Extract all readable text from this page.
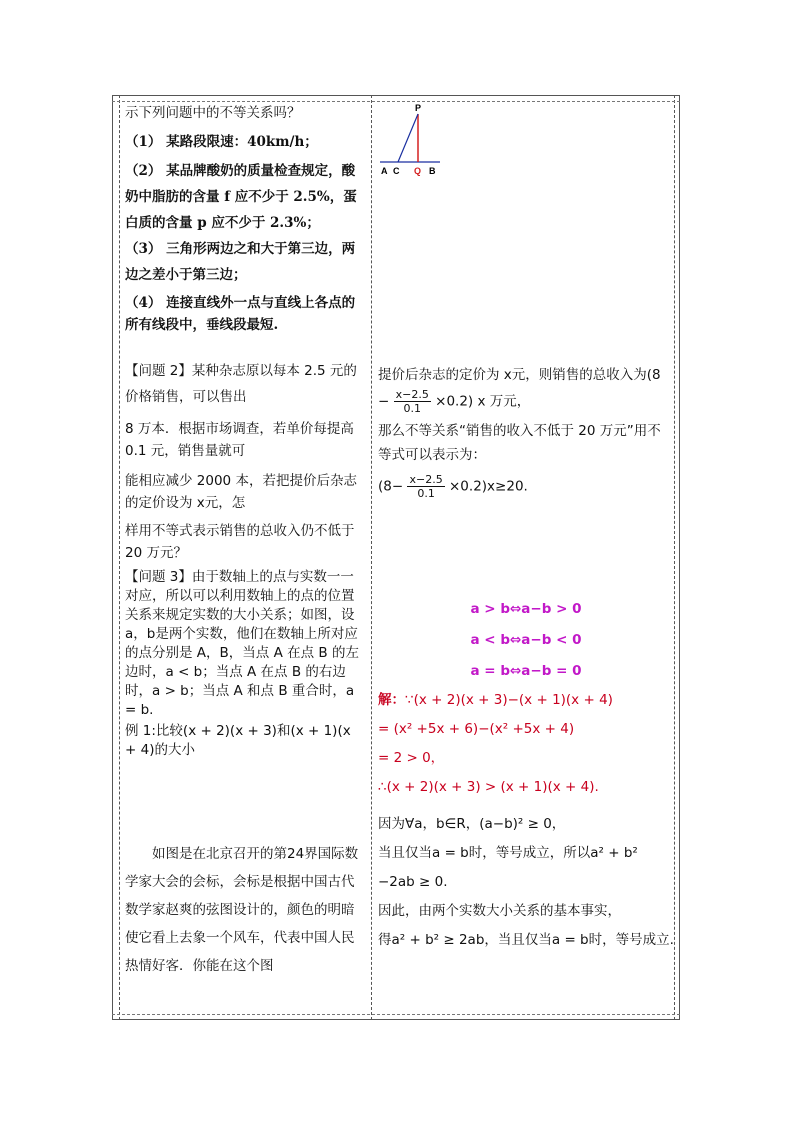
示下列问题中的不等关系吗？

（1） 某路段限速：40km/h；

（2） 某品牌酸奶的质量检查规定，酸奶中脂肪的含量 f 应不少于 2.5%，蛋白质的含量 p 应不少于 2.3%；

（3） 三角形两边之和大于第三边，两边之差小于第三边；

（4） 连接直线外一点与直线上各点的所有线段中，垂线段最短.

【问题 2】某种杂志原以每本 2.5 元的价格销售，可以售出

8 万本．根据市场调查，若单价每提高 0.1 元，销售量就可

能相应减少 2000 本，若把提价后杂志的定价设为 x元，怎

样用不等式表示销售的总收入仍不低于 20 万元？

【问题 3】由于数轴上的点与实数一一对应，所以可以利用数轴上的点的位置关系来规定实数的大小关系；如图，设 a，b是两个实数，他们在数轴上所对应的点分别是 A，B，当点 A 在点 B 的左边时，a < b；当点 A 在点 B 的右边时，a > b；当点 A 和点 B 重合时，a = b.

例 1:比较(x + 2)(x + 3)和(x + 1)(x + 4)的大小

如图是在北京召开的第24界国际数学家大会的会标，会标是根据中国古代数学家赵爽的弦图设计的，颜色的明暗使它看上去象一个风车，代表中国人民热情好客．你能在这个图

P
A C Q B
提价后杂志的定价为 x元，则销售的总收入为(8
− $\frac{x-2.5}{0.1} \times 0.2$) x 万元，
那么不等关系“销售的收入不低于 20 万元”用不等式可以表示为：
$(8- \frac{x-2.5}{0.1} \times 0.2)x\ge 20$.
a > b⇔a−b > 0
a < b⇔a−b < 0
a = b⇔a−b = 0
解：∵(x + 2)(x + 3)−(x + 1)(x + 4)
= (x² +5x + 6)−(x² +5x + 4)
= 2 > 0，
∴(x + 2)(x + 3) > (x + 1)(x + 4).
因为∀a，b∈R，(a−b)² ≥ 0，
当且仅当a = b时，等号成立，所以a² + b²
−2ab ≥ 0.
因此，由两个实数大小关系的基本事实，
得a² + b² ≥ 2ab，当且仅当a = b时，等号成立.
